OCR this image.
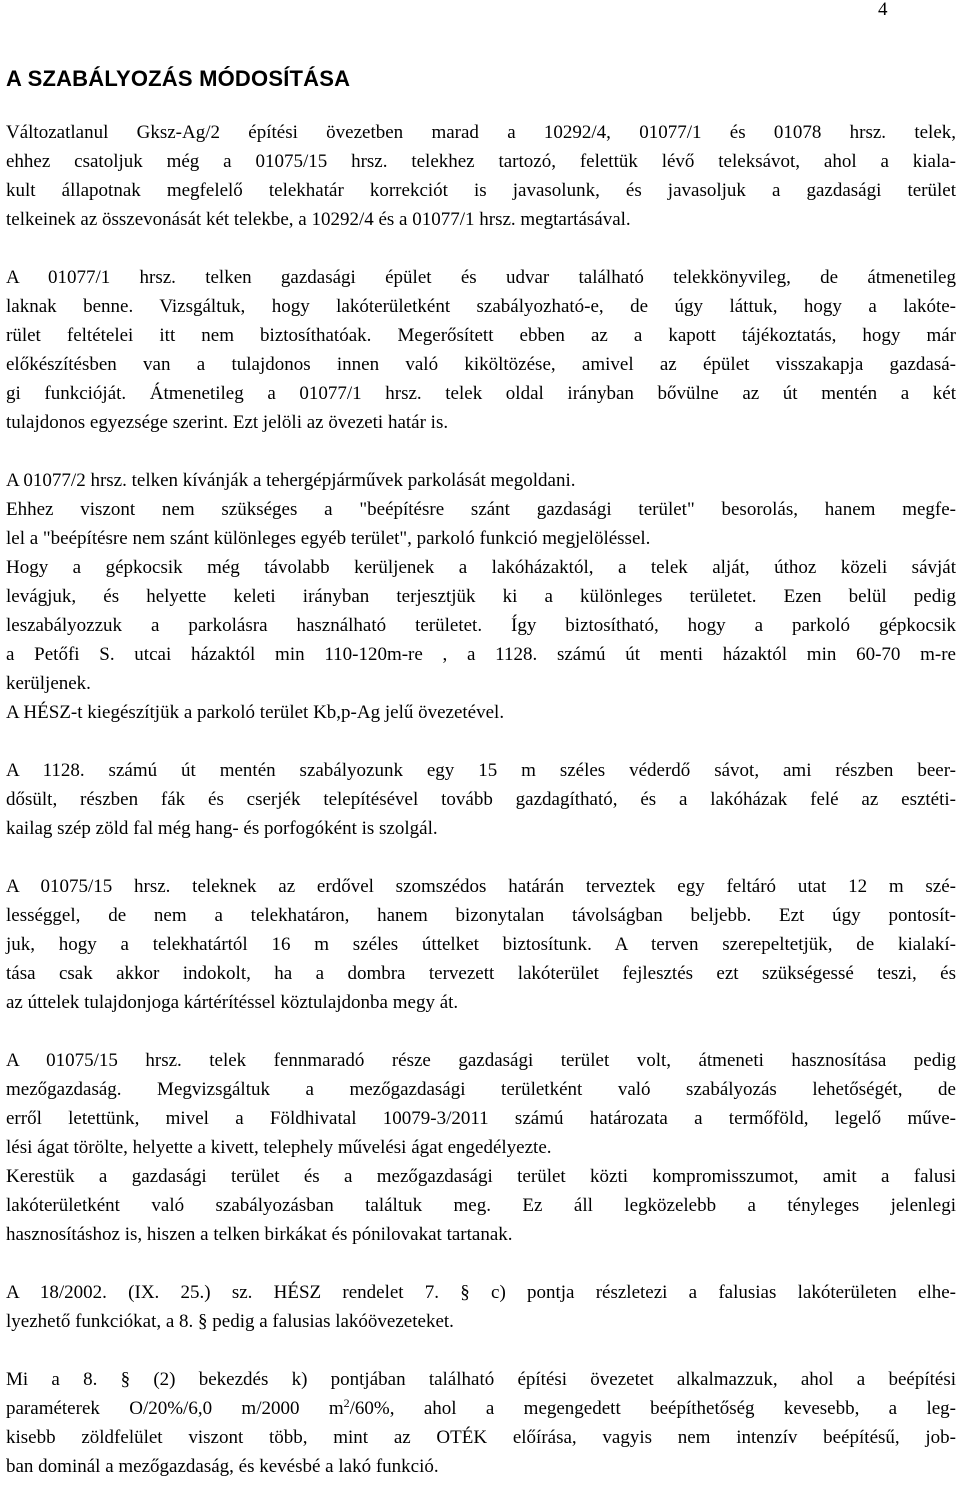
4
A SZABÁLYOZÁS MÓDOSÍTÁSA

Változatlanul Gksz-Ag/2 építési övezetben marad a 10292/4, 01077/1 és 01078 hrsz. telek,
ehhez csatoljuk még a 01075/15 hrsz. telekhez tartozó, felettük lévő teleksávot, ahol a kiala-
kult állapotnak megfelelő telekhatár korrekciót is javasolunk, és javasoljuk a gazdasági terület
telkeinek az összevonását két telekbe, a 10292/4 és a 01077/1 hrsz. megtartásával.

A 01077/1 hrsz. telken gazdasági épület és udvar található telekkönyvileg, de átmenetileg
laknak benne. Vizsgáltuk, hogy lakóterületként szabályozható-e, de úgy láttuk, hogy a lakóte-
rület feltételei itt nem biztosíthatóak. Megerősített ebben az a kapott tájékoztatás, hogy már
előkészítésben van a tulajdonos innen való kiköltözése, amivel az épület visszakapja gazdasá-
gi funkcióját. Átmenetileg a 01077/1 hrsz. telek oldal irányban bővülne az út mentén a két
tulajdonos egyezsége szerint. Ezt jelöli az övezeti határ is.

A 01077/2 hrsz. telken kívánják a tehergépjárművek parkolását megoldani.
Ehhez viszont nem szükséges a "beépítésre szánt gazdasági terület" besorolás, hanem megfe-
lel a "beépítésre nem szánt különleges egyéb terület", parkoló funkció megjelöléssel.
Hogy a gépkocsik még távolabb kerüljenek a lakóházaktól, a telek alját, úthoz közeli sávját
levágjuk, és helyette keleti irányban terjesztjük ki a különleges területet. Ezen belül pedig
leszabályozzuk a parkolásra használható területet. Így biztosítható, hogy a parkoló gépkocsik
a Petőfi S. utcai házaktól min 110-120m-re , a 1128. számú út menti házaktól min 60-70 m-re
kerüljenek.
A HÉSZ-t kiegészítjük a parkoló terület Kb,p-Ag jelű övezetével.

A 1128. számú út mentén szabályozunk egy 15 m széles véderdő sávot, ami részben beer-
dősült, részben fák és cserjék telepítésével tovább gazdagítható, és a lakóházak felé az esztéti-
kailag szép zöld fal még hang- és porfogóként is szolgál.

A 01075/15 hrsz. teleknek az erdővel szomszédos határán terveztek egy feltáró utat 12 m szé-
lességgel, de nem a telekhatáron, hanem bizonytalan távolságban beljebb. Ezt úgy pontosít-
juk, hogy a telekhatártól 16 m széles úttelket biztosítunk. A terven szerepeltetjük, de kialakí-
tása csak akkor indokolt, ha a dombra tervezett lakóterület fejlesztés ezt szükségessé teszi, és
az úttelek tulajdonjoga kártérítéssel köztulajdonba megy át.

A 01075/15 hrsz. telek fennmaradó része gazdasági terület volt, átmeneti hasznosítása pedig
mezőgazdaság. Megvizsgáltuk a mezőgazdasági területként való szabályozás lehetőségét, de
erről letettünk, mivel a Földhivatal 10079-3/2011 számú határozata a termőföld, legelő műve-
lési ágat törölte, helyette a kivett, telephely művelési ágat engedélyezte.
Kerestük a gazdasági terület és a mezőgazdasági terület közti kompromisszumot, amit a falusi
lakóterületként való szabályozásban találtuk meg. Ez áll legközelebb a tényleges jelenlegi
hasznosításhoz is, hiszen a telken birkákat és pónilovakat tartanak.

A 18/2002. (IX. 25.) sz. HÉSZ rendelet 7. § c) pontja részletezi a falusias lakóterületen elhe-
lyezhető funkciókat, a 8. § pedig a falusias lakóövezeteket.

Mi a 8. § (2) bekezdés k) pontjában található építési övezetet alkalmazzuk, ahol a beépítési
paraméterek O/20%/6,0 m/2000 $m^2/60\%$, ahol a megengedett beépíthetőség kevesebb, a leg-
kisebb zöldfelület viszont több, mint az OTÉK előírása, vagyis nem intenzív beépítésű, job-
ban dominál a mezőgazdaság, és kevésbé a lakó funkció.
